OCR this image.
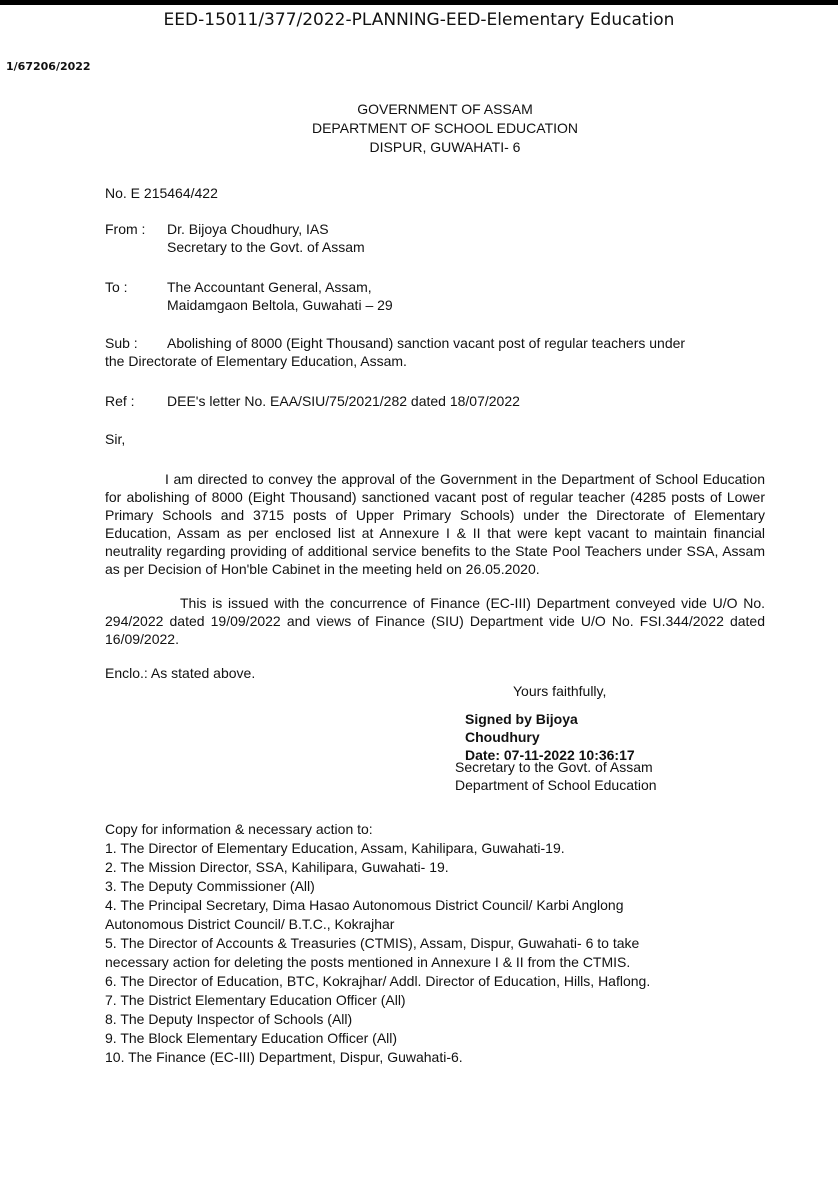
EED-15011/377/2022-PLANNING-EED-Elementary Education
1/67206/2022
GOVERNMENT OF ASSAM
DEPARTMENT OF SCHOOL EDUCATION
DISPUR, GUWAHATI- 6
No. E 215464/422
From :	Dr. Bijoya Choudhury, IAS
Secretary to the Govt. of Assam
To :	The Accountant General, Assam,
Maidamgaon Beltola, Guwahati – 29
Sub :	Abolishing of 8000 (Eight Thousand) sanction vacant post of regular teachers under
the Directorate of Elementary Education, Assam.
Ref :	DEE's letter No. EAA/SIU/75/2021/282 dated 18/07/2022
Sir,

I am directed to convey the approval of the Government in the Department of School Education for abolishing of 8000 (Eight Thousand) sanctioned vacant post of regular teacher (4285 posts of Lower Primary Schools and 3715 posts of Upper Primary Schools) under the Directorate of Elementary Education, Assam as per enclosed list at Annexure I & II that were kept vacant to maintain financial neutrality regarding providing of additional service benefits to the State Pool Teachers under SSA, Assam as per Decision of Hon'ble Cabinet in the meeting held on 26.05.2020.

This is issued with the concurrence of Finance (EC-III) Department conveyed vide U/O No. 294/2022 dated 19/09/2022 and views of Finance (SIU) Department vide U/O No. FSI.344/2022 dated 16/09/2022.

Enclo.: As stated above.
Yours faithfully,
Signed by Bijoya
Choudhury
Date: 07-11-2022 10:36:17
Secretary to the Govt. of Assam
Department of School Education
Copy for information & necessary action to:
1. The Director of Elementary Education, Assam, Kahilipara, Guwahati-19.
2. The Mission Director, SSA, Kahilipara, Guwahati- 19.
3. The Deputy Commissioner (All)
4. The Principal Secretary, Dima Hasao Autonomous District Council/ Karbi Anglong
Autonomous District Council/ B.T.C., Kokrajhar
5. The Director of Accounts & Treasuries (CTMIS), Assam, Dispur, Guwahati- 6 to take
necessary action for deleting the posts mentioned in Annexure I & II from the CTMIS.
6. The Director of Education, BTC, Kokrajhar/ Addl. Director of Education, Hills, Haflong.
7. The District Elementary Education Officer (All)
8. The Deputy Inspector of Schools (All)
9. The Block Elementary Education Officer (All)
10. The Finance (EC-III) Department, Dispur, Guwahati-6.
